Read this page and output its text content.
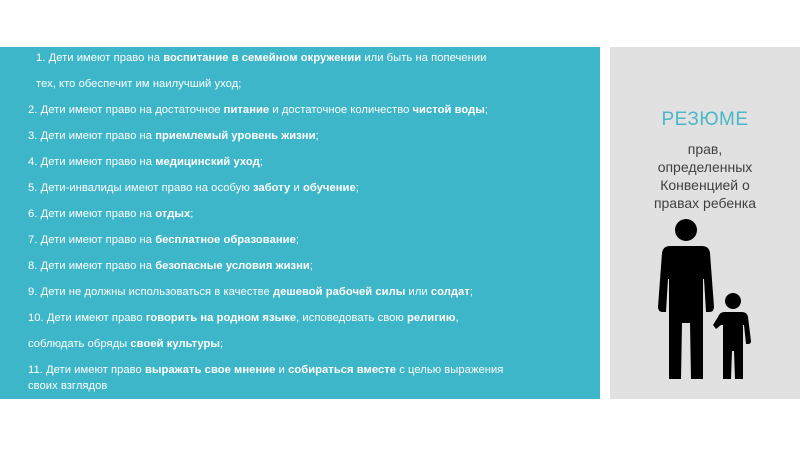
1. Дети имеют право на воспитание в семейном окружении или быть на попечении
тех, кто обеспечит им наилучший уход;
2. Дети имеют право на достаточное питание и достаточное количество чистой воды;
3. Дети имеют право на приемлемый уровень жизни;
4. Дети имеют право на медицинский уход;
5. Дети-инвалиды имеют право на особую заботу и обучение;
6. Дети имеют право на отдых;
7. Дети имеют право на бесплатное образование;
8. Дети имеют право на безопасные условия жизни;
9. Дети не должны использоваться в качестве дешевой рабочей силы или солдат;
10. Дети имеют право говорить на родном языке, исповедовать свою религию,
соблюдать обряды своей культуры;
11. Дети имеют право выражать свое мнение и собираться вместе с целью выражения
своих взглядов
РЕЗЮМЕ
прав,
определенных
Конвенцией о
правах ребенка
